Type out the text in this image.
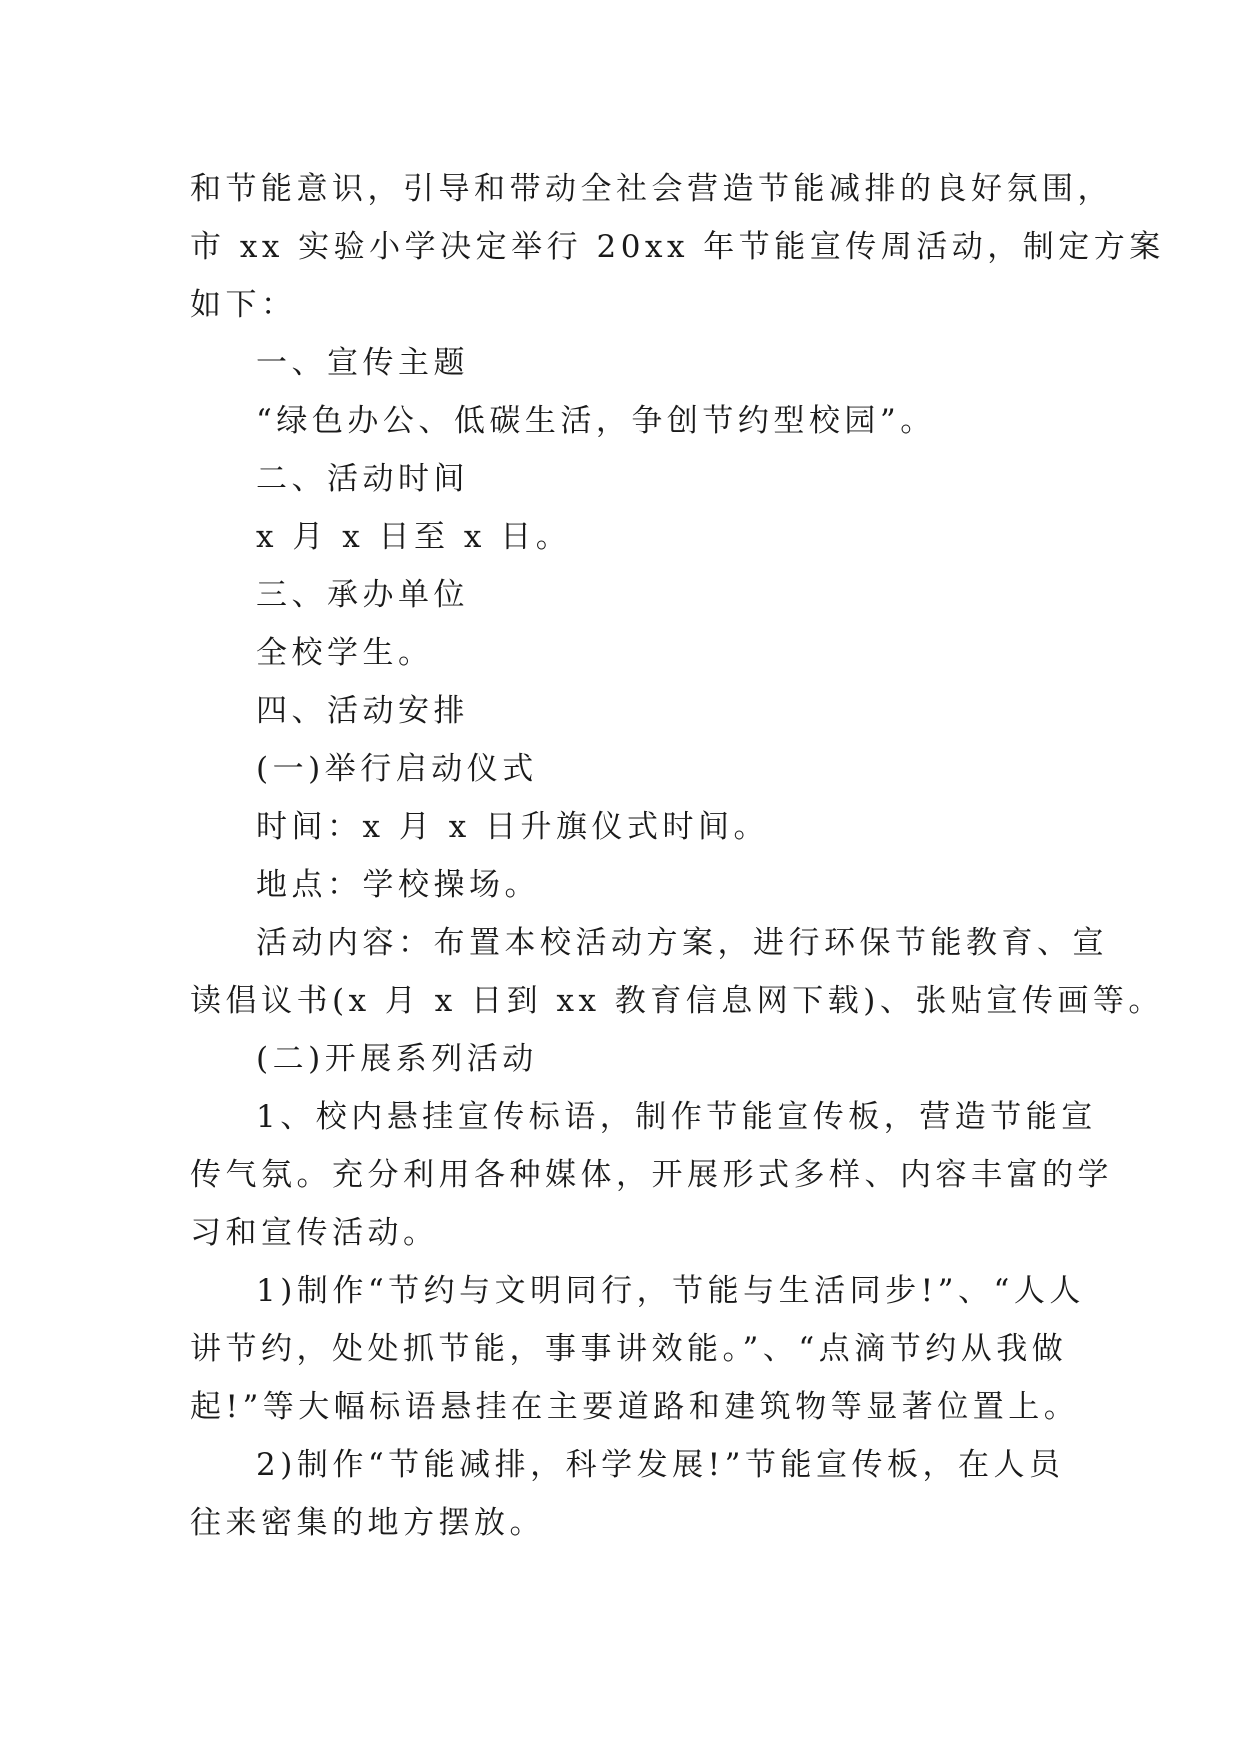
和节能意识，引导和带动全社会营造节能减排的良好氛围，
市 xx 实验小学决定举行 20xx 年节能宣传周活动，制定方案
如下：
一、宣传主题
“绿色办公、低碳生活，争创节约型校园”。
二、活动时间
x 月 x 日至 x 日。
三、承办单位
全校学生。
四、活动安排
(一)举行启动仪式
时间：x 月 x 日升旗仪式时间。
地点：学校操场。
活动内容：布置本校活动方案，进行环保节能教育、宣
读倡议书(x 月 x 日到 xx 教育信息网下载)、张贴宣传画等。
(二)开展系列活动
1、校内悬挂宣传标语，制作节能宣传板，营造节能宣
传气氛。充分利用各种媒体，开展形式多样、内容丰富的学
习和宣传活动。
1)制作“节约与文明同行，节能与生活同步!”、“人人
讲节约，处处抓节能，事事讲效能。”、“点滴节约从我做
起!”等大幅标语悬挂在主要道路和建筑物等显著位置上。
2)制作“节能减排，科学发展!”节能宣传板，在人员
往来密集的地方摆放。
